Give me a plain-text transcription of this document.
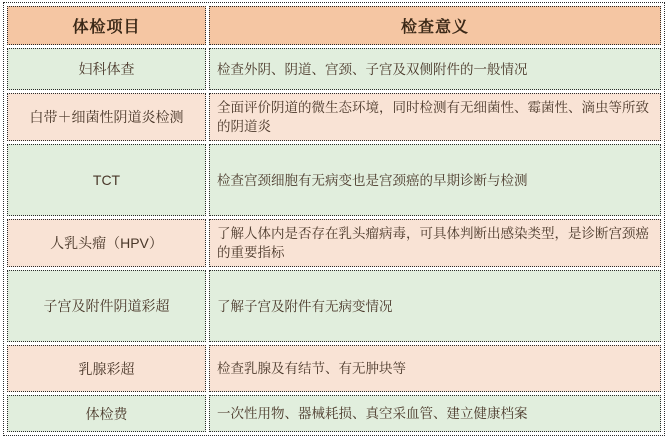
体检项目	检查意义
妇科体查	检查外阴、阴道、宫颈、子宫及双侧附件的一般情况
白带＋细菌性阴道炎检测	全面评价阴道的微生态环境，同时检测有无细菌性、霉菌性、滴虫等所致的阴道炎
TCT	检查宫颈细胞有无病变也是宫颈癌的早期诊断与检测
人乳头瘤（HPV）	了解人体内是否存在乳头瘤病毒，可具体判断出感染类型，是诊断宫颈癌的重要指标
子宫及附件阴道彩超	了解子宫及附件有无病变情况
乳腺彩超	检查乳腺及有结节、有无肿块等
体检费	一次性用物、器械耗损、真空采血管、建立健康档案
